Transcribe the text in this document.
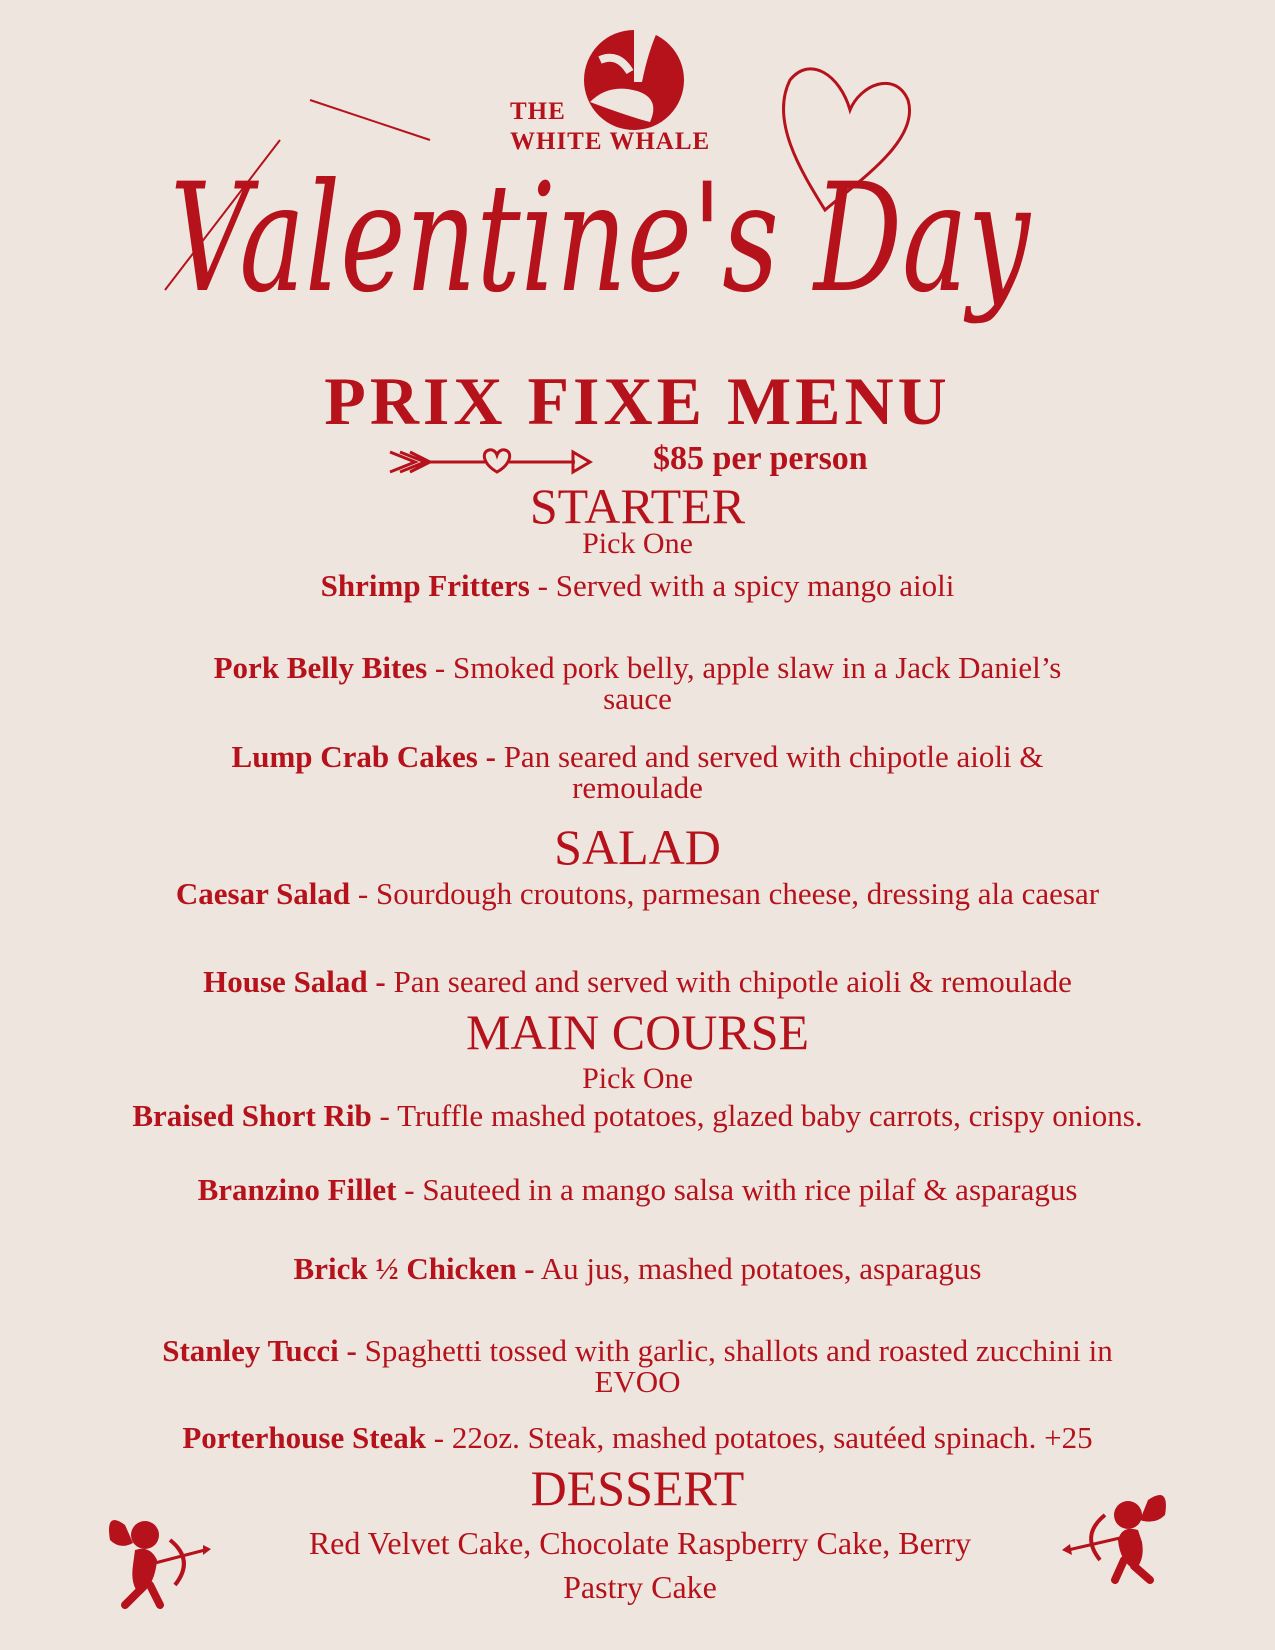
THE
WHITE WHALE
Valentine's Day
PRIX FIXE MENU
$85 per person
STARTER
Pick One
Shrimp Fritters - Served with a spicy mango aioli
Pork Belly Bites - Smoked pork belly, apple slaw in a Jack Daniel’s
sauce
Lump Crab Cakes - Pan seared and served with chipotle aioli &
remoulade
SALAD
Caesar Salad - Sourdough croutons, parmesan cheese, dressing ala caesar
House Salad - Pan seared and served with chipotle aioli & remoulade
MAIN COURSE
Pick One
Braised Short Rib - Truffle mashed potatoes, glazed baby carrots, crispy onions.
Branzino Fillet - Sauteed in a mango salsa with rice pilaf & asparagus
Brick ½ Chicken - Au jus, mashed potatoes, asparagus
Stanley Tucci - Spaghetti tossed with garlic, shallots and roasted zucchini in
EVOO
Porterhouse Steak - 22oz. Steak, mashed potatoes, sautéed spinach. +25
DESSERT
Red Velvet Cake, Chocolate Raspberry Cake, Berry
Pastry Cake
